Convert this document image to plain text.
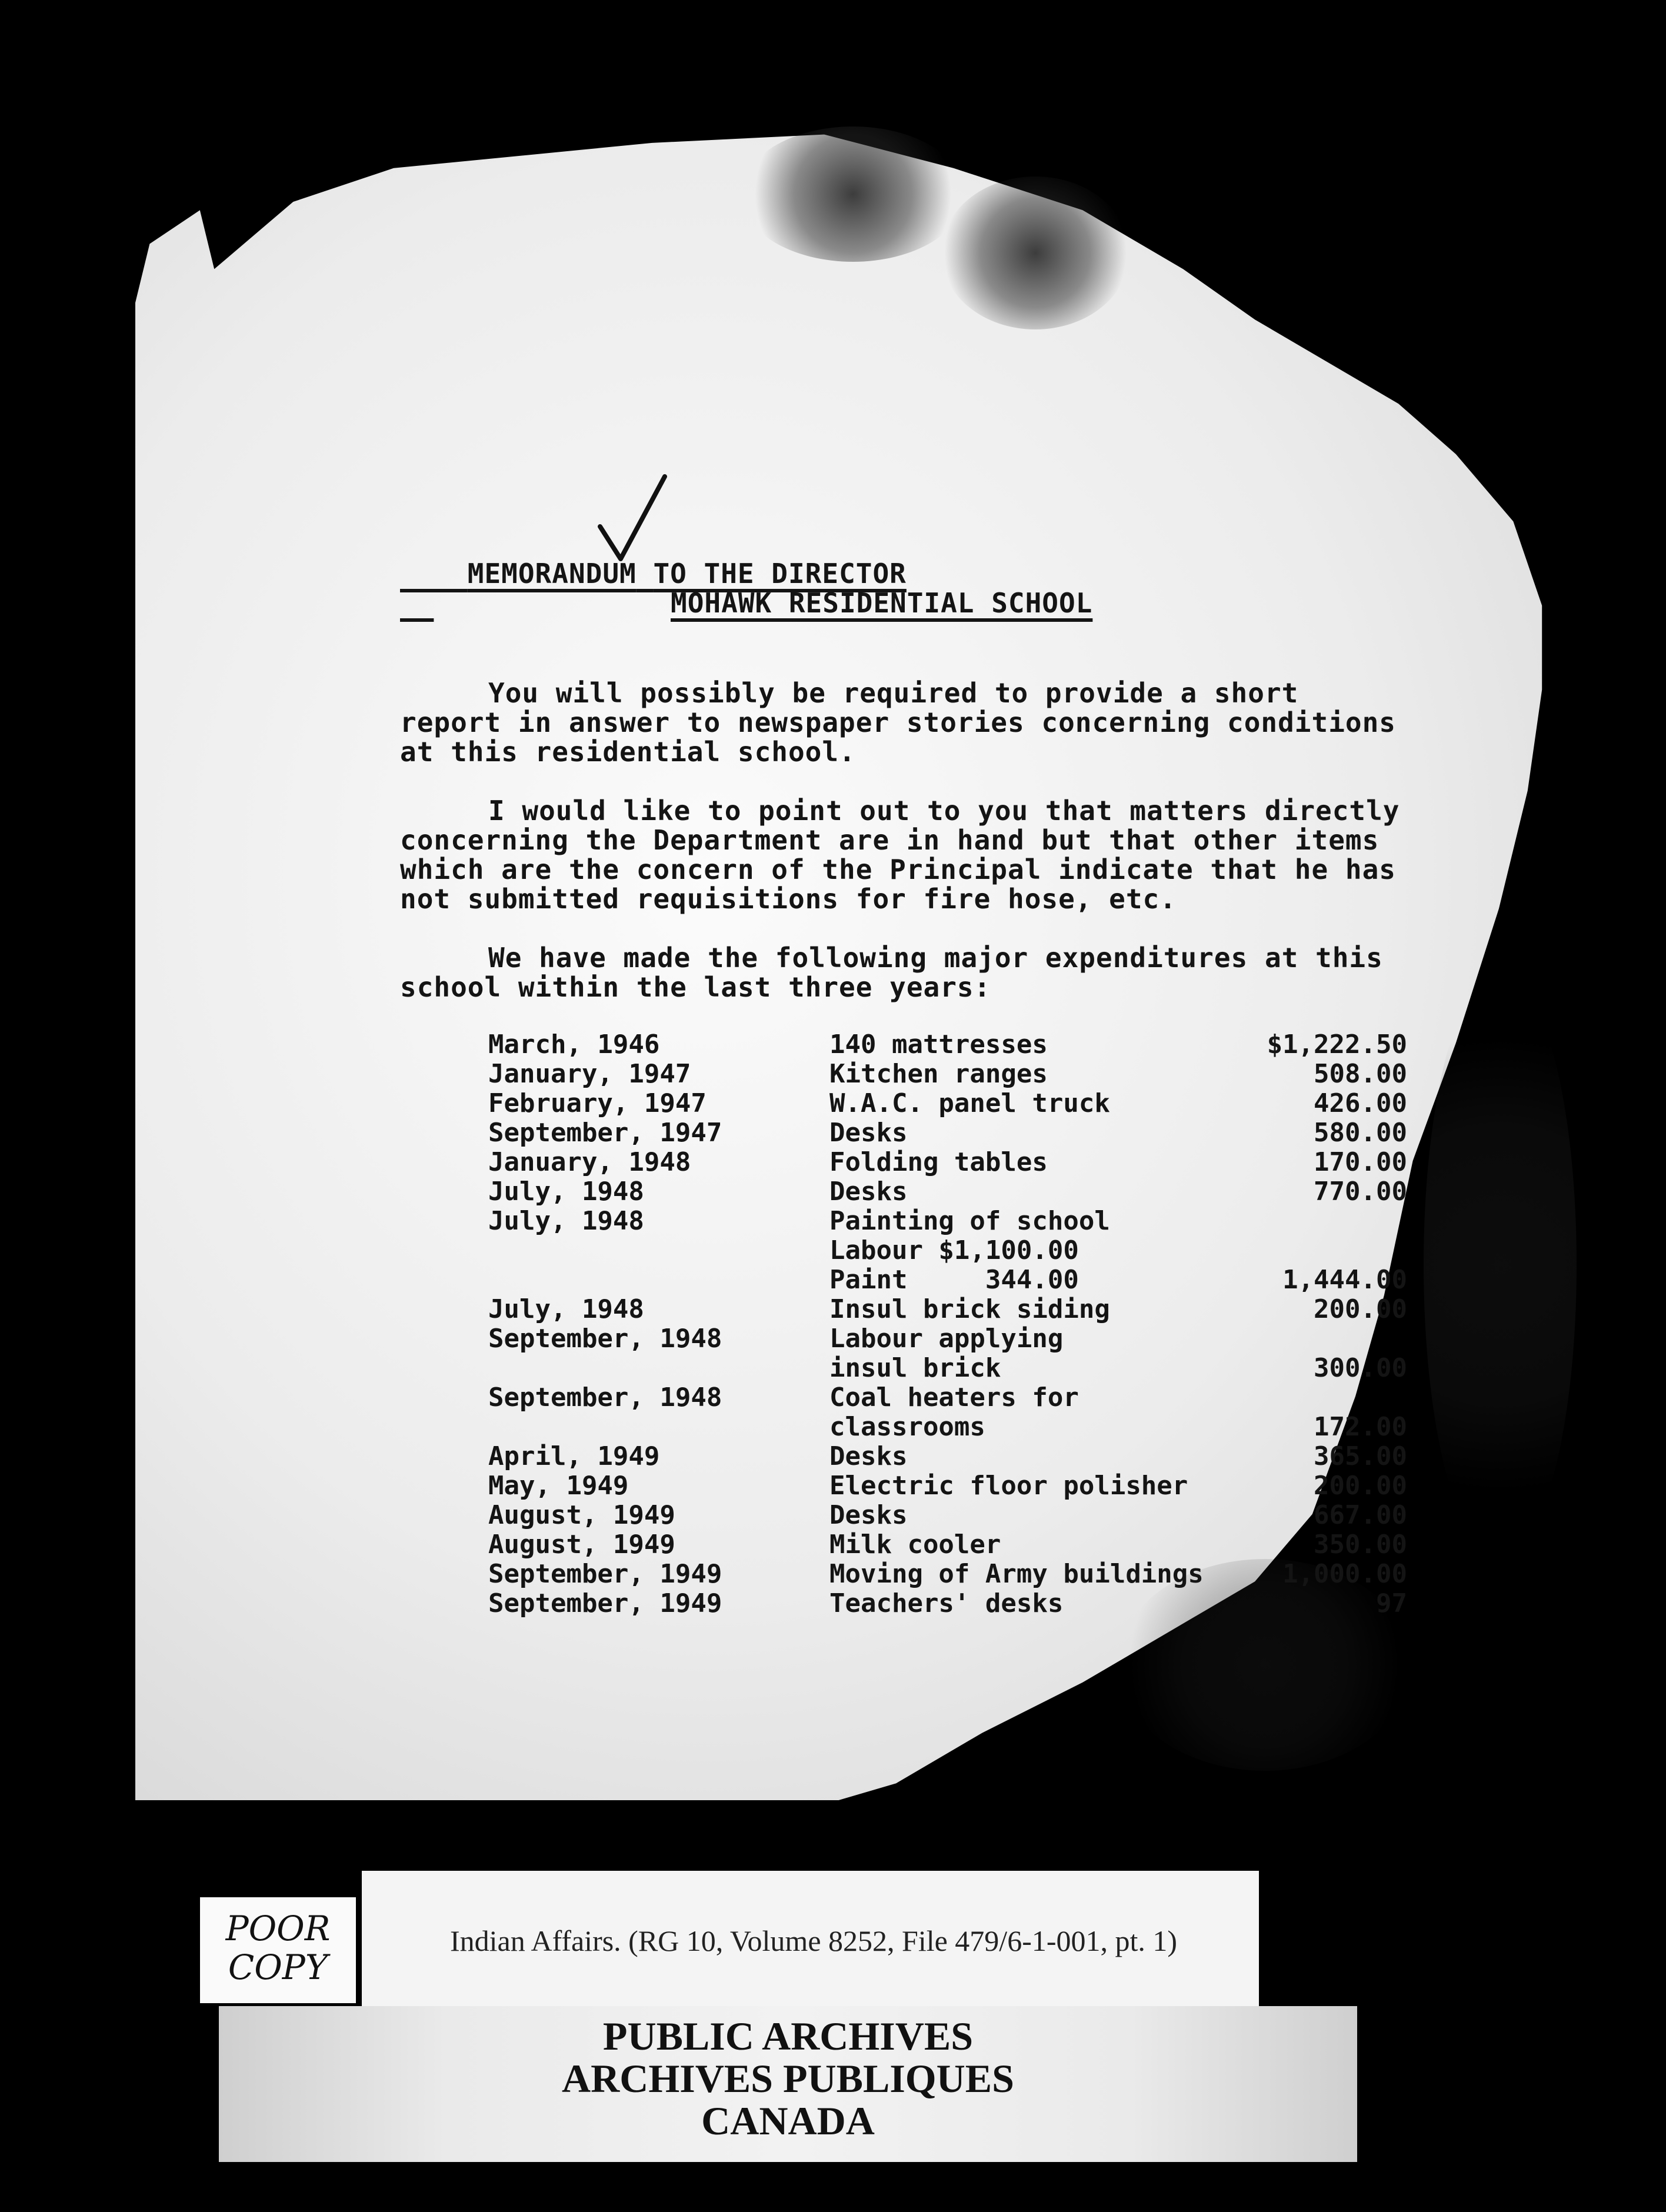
MEMORANDUM TO THE DIRECTOR

MOHAWK RESIDENTIAL SCHOOL
You will possibly be required to provide a short
report in answer to newspaper stories concerning conditions
at this residential school.
I would like to point out to you that matters directly
concerning the Department are in hand but that other items
which are the concern of the Principal indicate that he has
not submitted requisitions for fire hose, etc.
We have made the following major expenditures at this
school within the last three years:
March, 1946	140 mattresses	$1,222.50
January, 1947	Kitchen ranges	508.00
February, 1947	W.A.C. panel truck	426.00
September, 1947	Desks	580.00
January, 1948	Folding tables	170.00
July, 1948	Desks	770.00
July, 1948	Painting of school
Labour $1,100.00
Paint     344.00	1,444.00
July, 1948	Insul brick siding	200.00
September, 1948	Labour applying
insul brick	300.00
September, 1948	Coal heaters for
classrooms	172.00
April, 1949	Desks	365.00
May, 1949	Electric floor polisher	200.00
August, 1949	Desks	667.00
August, 1949	Milk cooler	350.00
September, 1949	Moving of Army buildings	1,000.00
September, 1949	Teachers' desks	97
Indian Affairs. (RG 10, Volume 8252, File 479/6-1-001, pt. 1)
POOR
COPY
PUBLIC ARCHIVES
ARCHIVES PUBLIQUES
CANADA
